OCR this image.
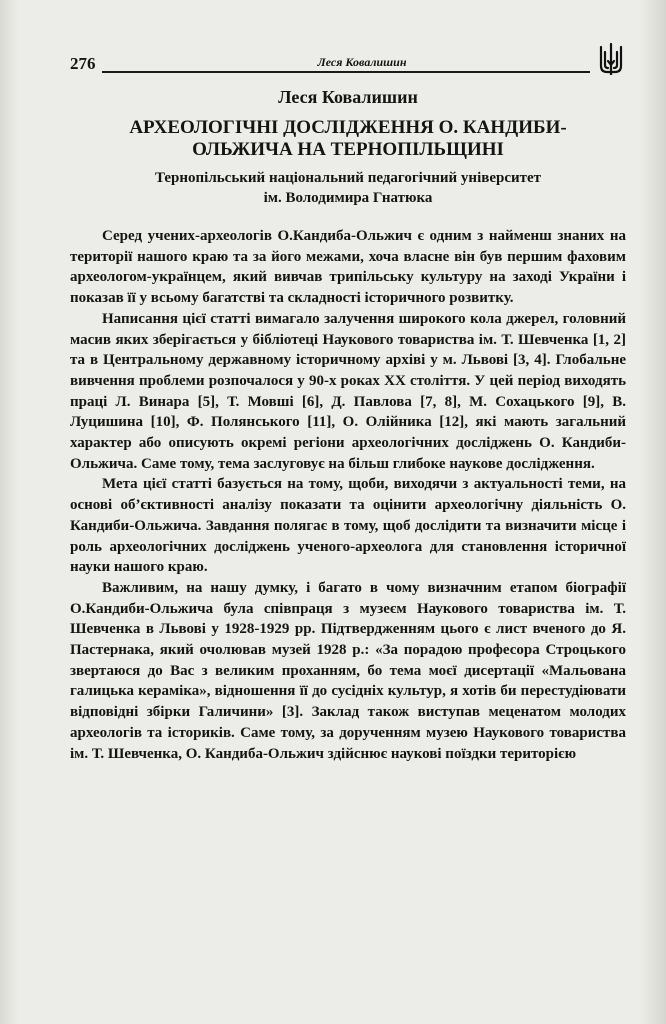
276	Леся Ковалишин
Леся Ковалишин
АРХЕОЛОГІЧНІ ДОСЛІДЖЕННЯ О. КАНДИБИ-
ОЛЬЖИЧА НА ТЕРНОПІЛЬЩИНІ

Тернопільський національний педагогічний університет
ім. Володимира Гнатюка

Серед учених-археологів О.Кандиба-Ольжич є одним з найменш знаних на території нашого краю та за його межами, хоча власне він був першим фаховим археологом-українцем, який вивчав трипільську культуру на заході України і показав її у всьому багатстві та складності історичного розвитку.

Написання цієї статті вимагало залучення широкого кола джерел, головний масив яких зберігається у бібліотеці Наукового товариства ім. Т. Шевченка [1, 2] та в Центральному державному історичному архіві у м. Львові [3, 4]. Глобальне вивчення проблеми розпочалося у 90-х роках ХХ століття. У цей період виходять праці Л. Винара [5], Т. Мовші [6], Д. Павлова [7, 8], М. Сохацького [9], В. Луцишина [10], Ф. Полянського [11], О. Олійника [12], які мають загальний характер або описують окремі регіони археологічних досліджень О. Кандиби-Ольжича. Саме тому, тема заслуговує на більш глибоке наукове дослідження.

Мета цієї статті базується на тому, щоби, виходячи з актуальності теми, на основі об’єктивності аналізу показати та оцінити археологічну діяльність О. Кандиби-Ольжича. Завдання полягає в тому, щоб дослідити та визначити місце і роль археологічних досліджень ученого-археолога для становлення історичної науки нашого краю.

Важливим, на нашу думку, і багато в чому визначним етапом біографії О.Кандиби-Ольжича була співпраця з музеєм Наукового товариства ім. Т. Шевченка в Львові у 1928-1929 рр. Підтвердженням цього є лист вченого до Я. Пастернака, який очолював музей 1928 р.: «За порадою професора Строцького звертаюся до Вас з великим проханням, бо тема моєї дисертації «Мальована галицька кераміка», відношення її до сусідніх культур, я хотів би перестудіювати відповідні збірки Галичини» [3]. Заклад також виступав меценатом молодих археологів та істориків. Саме тому, за дорученням музею Наукового товариства ім. Т. Шевченка, О. Кандиба-Ольжич здійснює наукові поїздки територією
